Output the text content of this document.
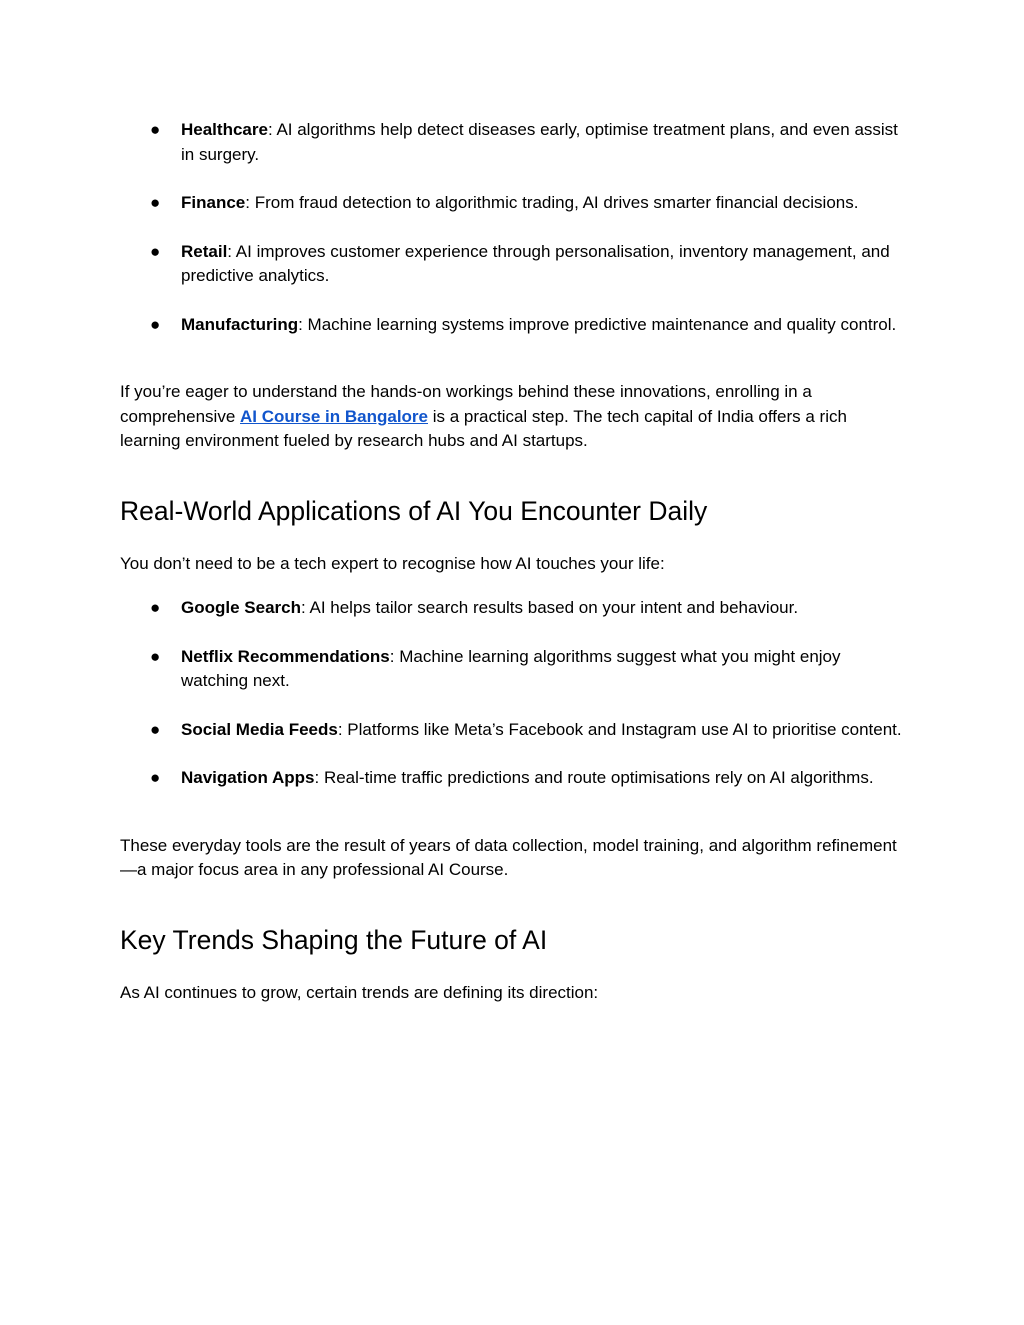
● Healthcare: AI algorithms help detect diseases early, optimise treatment plans, and even assist in surgery.
● Finance: From fraud detection to algorithmic trading, AI drives smarter financial decisions.
● Retail: AI improves customer experience through personalisation, inventory management, and predictive analytics.
● Manufacturing: Machine learning systems improve predictive maintenance and quality control.

If you’re eager to understand the hands-on workings behind these innovations, enrolling in a comprehensive AI Course in Bangalore is a practical step. The tech capital of India offers a rich learning environment fueled by research hubs and AI startups.

Real-World Applications of AI You Encounter Daily

You don’t need to be a tech expert to recognise how AI touches your life:

● Google Search: AI helps tailor search results based on your intent and behaviour.
● Netflix Recommendations: Machine learning algorithms suggest what you might enjoy watching next.
● Social Media Feeds: Platforms like Meta’s Facebook and Instagram use AI to prioritise content.
● Navigation Apps: Real-time traffic predictions and route optimisations rely on AI algorithms.

These everyday tools are the result of years of data collection, model training, and algorithm refinement—a major focus area in any professional AI Course.

Key Trends Shaping the Future of AI

As AI continues to grow, certain trends are defining its direction:
